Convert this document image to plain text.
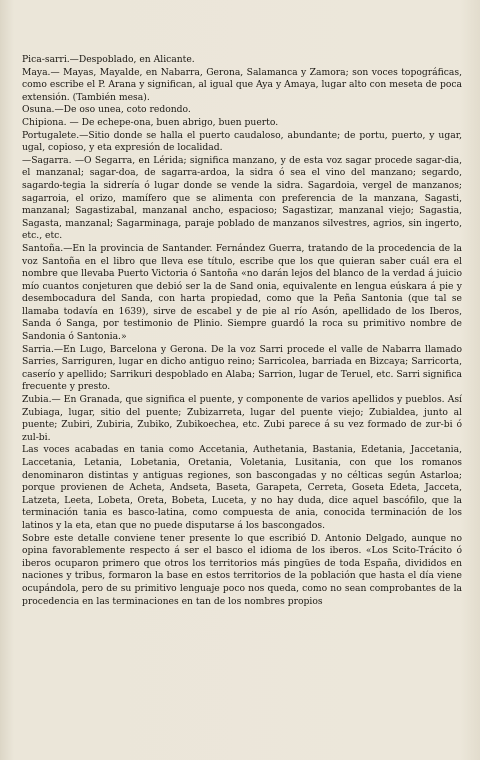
Pica-sarri.—Despoblado, en Alicante.

Maya.— Mayas, Mayalde, en Nabarra, Gerona, Salamanca y Zamora; son voces topográficas, como escribe el P. Arana y significan, al igual que Aya y Amaya, lugar alto con meseta de poca extensión. (También mesa).

Osuna.—De oso unea, coto redondo.

Chipiona. — De echepe-ona, buen abrigo, buen puerto.

Portugalete.—Sitio donde se halla el puerto caudaloso, abundante; de portu, puerto, y ugar, ugal, copioso, y eta expresión de localidad.

—Sagarra. —O Segarra, en Lérida; significa manzano, y de esta voz sagar procede sagar-dia, el manzanal; sagar-doa, de sagarra-ardoa, la sidra ó sea el vino del manzano; segardo, sagardo-tegia la sidrería ó lugar donde se vende la sidra. Sagardoia, vergel de manzanos; sagarroia, el orizo, mamífero que se alimenta con preferencia de la manzana, Sagasti, manzanal; Sagastizabal, manzanal ancho, espacioso; Sagastizar, manzanal viejo; Sagastia, Sagasta, manzanal; Sagarminaga, paraje poblado de manzanos silvestres, agrios, sin ingerto, etc., etc.

Santoña.—En la provincia de Santander. Fernández Guerra, tratando de la procedencia de la voz Santoña en el libro que lleva ese título, escribe que los que quieran saber cuál era el nombre que llevaba Puerto Victoria ó Santoña «no darán lejos del blanco de la verdad á juicio mío cuantos conjeturen que debió ser la de Sand onia, equivalente en lengua eúskara á pie y desembocadura del Sanda, con harta propiedad, como que la Peña Santonia (que tal se llamaba todavía en 1639), sirve de escabel y de pie al río Asón, apellidado de los Iberos, Sanda ó Sanga, por testimonio de Plinio. Siempre guardó la roca su primitivo nombre de Sandonia ó Santonia.»

Sarria.—En Lugo, Barcelona y Gerona. De la voz Sarri procede el valle de Nabarra llamado Sarries, Sarriguren, lugar en dicho antiguo reino; Sarricolea, barriada en Bizcaya; Sarricorta, caserío y apellido; Sarrikuri despoblado en Alaba; Sarrion, lugar de Teruel, etc. Sarri significa frecuente y presto.

Zubia.— En Granada, que significa el puente, y componente de varios apellidos y pueblos. Así Zubiaga, lugar, sitio del puente; Zubizarreta, lugar del puente viejo; Zubialdea, junto al puente; Zubiri, Zubiria, Zubiko, Zubikoechea, etc. Zubi parece á su vez formado de zur-bi ó zul-bi.

Las voces acabadas en tania como Accetania, Authetania, Bastania, Edetania, Jaccetania, Laccetania, Letania, Lobetania, Oretania, Voletania, Lusitania, con que los romanos denominaron distintas y antiguas regiones, son bascongadas y no célticas según Astarloa; porque provienen de Acheta, Andseta, Baseta, Garapeta, Cerreta, Goseta Edeta, Jacceta, Latzeta, Leeta, Lobeta, Oreta, Bobeta, Luceta, y no hay duda, dice aquel bascófilo, que la terminación tania es basco-latina, como compuesta de ania, conocida terminación de los latinos y la eta, etan que no puede disputarse á los bascongados.

Sobre este detalle conviene tener presente lo que escribió D. Antonio Delgado, aunque no opina favorablemente respecto á ser el basco el idioma de los iberos. «Los Scito-Trácito ó iberos ocuparon primero que otros los territorios más pingües de toda España, divididos en naciones y tribus, formaron la base en estos territorios de la población que hasta el día viene ocupándola, pero de su primitivo lenguaje poco nos queda, como no sean comprobantes de la procedencia en las terminaciones en tan de los nombres propios
